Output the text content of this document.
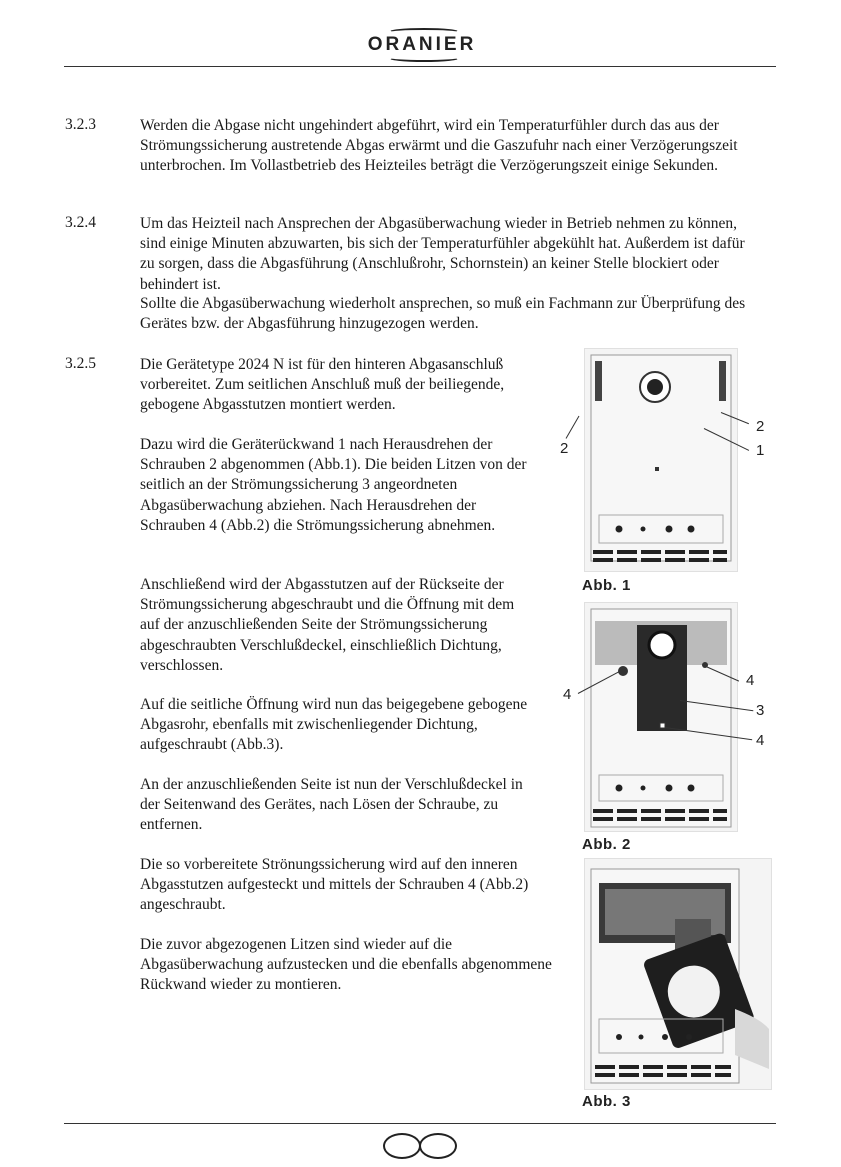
ORANIER
3.2.3	Werden die Abgase nicht ungehindert abgeführt, wird ein Temperaturfühler durch das aus der Strömungssicherung austretende Abgas erwärmt und die Gaszufuhr nach einer Verzögerungszeit unterbrochen. Im Vollastbetrieb des Heizteiles beträgt die Verzögerungszeit einige Sekunden.

3.2.4	Um das Heizteil nach Ansprechen der Abgasüberwachung wieder in Betrieb nehmen zu können, sind einige Minuten abzuwarten, bis sich der Temperaturfühler abgekühlt hat. Außerdem ist dafür zu sorgen, dass die Abgasführung (Anschlußrohr, Schornstein) an keiner Stelle blockiert oder behindert ist.

Sollte die Abgasüberwachung wiederholt ansprechen, so muß ein Fachmann zur Überprüfung des Gerätes bzw. der Abgasführung hinzugezogen werden.

3.2.5	Die Gerätetype 2024 N ist für den hinteren Abgasanschluß vorbereitet. Zum seitlichen Anschluß muß der beiliegende, gebogene Abgasstutzen montiert werden.

Dazu wird die Geräterückwand 1 nach Herausdrehen der Schrauben 2 abgenommen (Abb.1). Die beiden Litzen von der seitlich an der Strömungssicherung 3 angeordneten Abgasüberwachung abziehen. Nach Herausdrehen der Schrauben 4 (Abb.2) die Strömungssicherung abnehmen.

Anschließend wird der Abgasstutzen auf der Rückseite der Strömungssicherung abgeschraubt und die Öffnung mit dem auf der anzuschließenden Seite der Strömungssicherung abgeschraubten Verschlußdeckel, einschließlich Dichtung, verschlossen.

Auf die seitliche Öffnung wird nun das beigegebene gebogene Abgasrohr, ebenfalls mit zwischenliegender Dichtung, aufgeschraubt (Abb.3).

An der anzuschließenden Seite ist nun der Verschlußdeckel in der Seitenwand des Gerätes, nach Lösen der Schraube, zu entfernen.

Die so vorbereitete Strönungssicherung wird auf den inneren Abgasstutzen aufgesteckt und mittels der Schrauben 4 (Abb.2) angeschraubt.

Die zuvor abgezogenen Litzen sind wieder auf die Abgasüberwachung aufzustecken und die ebenfalls abgenommene Rückwand wieder zu montieren.

2
2
1
Abb. 1
4
4
3
4
Abb. 2
Abb. 3
